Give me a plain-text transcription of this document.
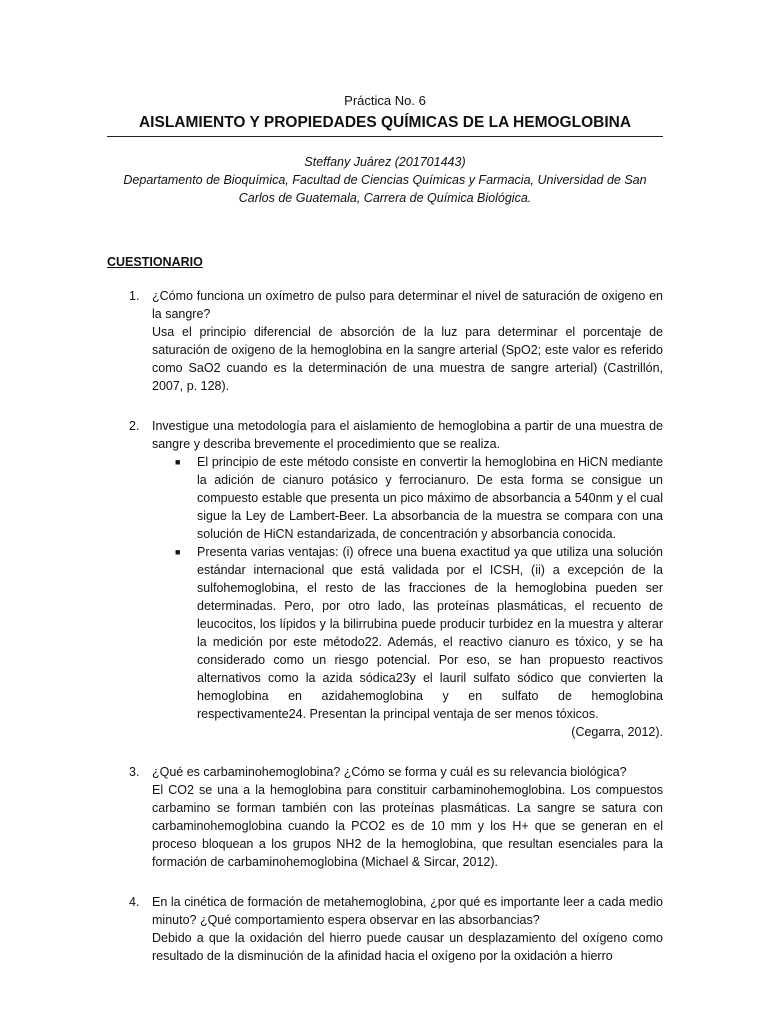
Práctica No. 6

AISLAMIENTO Y PROPIEDADES QUÍMICAS DE LA HEMOGLOBINA

Steffany Juárez (201701443)

Departamento de Bioquímica, Facultad de Ciencias Químicas y Farmacia, Universidad de San Carlos de Guatemala, Carrera de Química Biológica.

CUESTIONARIO

1. ¿Cómo funciona un oxímetro de pulso para determinar el nivel de saturación de oxigeno en la sangre?

Usa el principio diferencial de absorción de la luz para determinar el porcentaje de saturación de oxigeno de la hemoglobina en la sangre arterial (SpO2; este valor es referido como SaO2 cuando es la determinación de una muestra de sangre arterial) (Castrillón, 2007, p. 128).

2. Investigue una metodología para el aislamiento de hemoglobina a partir de una muestra de sangre y describa brevemente el procedimiento que se realiza.

■ El principio de este método consiste en convertir la hemoglobina en HiCN mediante la adición de cianuro potásico y ferrocianuro. De esta forma se consigue un compuesto estable que presenta un pico máximo de absorbancia a 540nm y el cual sigue la Ley de Lambert-Beer. La absorbancia de la muestra se compara con una solución de HiCN estandarizada, de concentración y absorbancia conocida.
■ Presenta varias ventajas: (i) ofrece una buena exactitud ya que utiliza una solución estándar internacional que está validada por el ICSH, (ii) a excepción de la sulfohemoglobina, el resto de las fracciones de la hemoglobina pueden ser determinadas. Pero, por otro lado, las proteínas plasmáticas, el recuento de leucocitos, los lípidos y la bilirrubina puede producir turbidez en la muestra y alterar la medición por este método22. Además, el reactivo cianuro es tóxico, y se ha considerado como un riesgo potencial. Por eso, se han propuesto reactivos alternativos como la azida sódica23y el lauril sulfato sódico que convierten la hemoglobina en azidahemoglobina y en sulfato de hemoglobina respectivamente24. Presentan la principal ventaja de ser menos tóxicos.

(Cegarra, 2012).

3. ¿Qué es carbaminohemoglobina? ¿Cómo se forma y cuál es su relevancia biológica?

El CO2 se una a la hemoglobina para constituir carbaminohemoglobina. Los compuestos carbamino se forman también con las proteínas plasmáticas. La sangre se satura con carbaminohemoglobina cuando la PCO2 es de 10 mm y los H+ que se generan en el proceso bloquean a los grupos NH2 de la hemoglobina, que resultan esenciales para la formación de carbaminohemoglobina (Michael & Sircar, 2012).

4. En la cinética de formación de metahemoglobina, ¿por qué es importante leer a cada medio minuto? ¿Qué comportamiento espera observar en las absorbancias?

Debido a que la oxidación del hierro puede causar un desplazamiento del oxígeno como resultado de la disminución de la afinidad hacia el oxígeno por la oxidación a hierro
